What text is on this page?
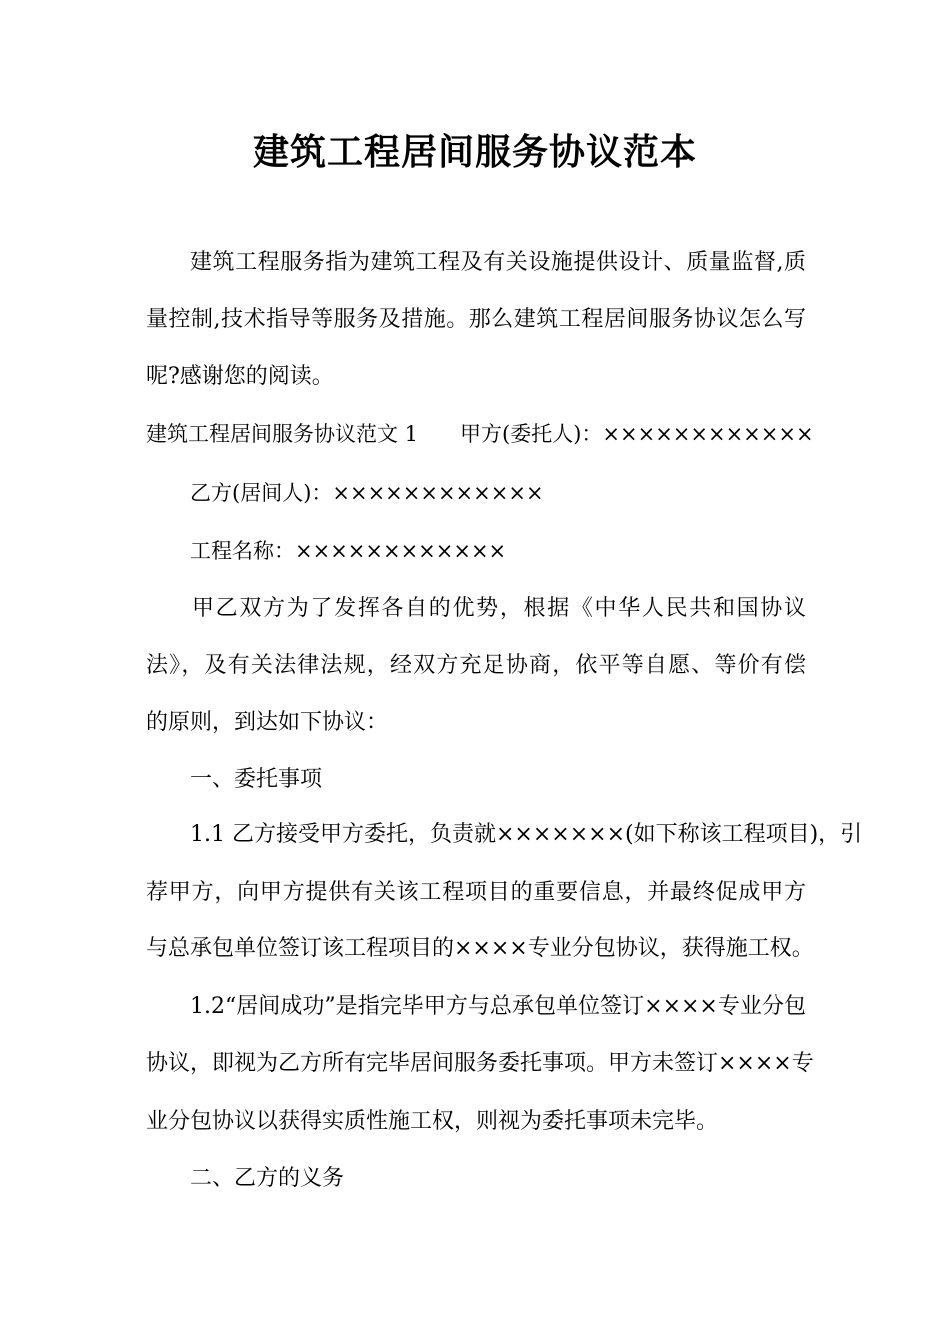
建筑工程居间服务协议范本
建筑工程服务指为建筑工程及有关设施提供设计、质量监督,质
量控制,技术指导等服务及措施。那么建筑工程居间服务协议怎么写
呢?感谢您的阅读。
建筑工程居间服务协议范文 1　　甲方(委托人)：××××××××××××
乙方(居间人)：××××××××××××
工程名称：××××××××××××
甲乙双方为了发挥各自的优势，根据《中华人民共和国协议
法》，及有关法律法规，经双方充足协商，依平等自愿、等价有偿
的原则，到达如下协议：
一、委托事项
1.1 乙方接受甲方委托，负责就×××××××(如下称该工程项目)，引
荐甲方，向甲方提供有关该工程项目的重要信息，并最终促成甲方
与总承包单位签订该工程项目的××××专业分包协议，获得施工权。
1.2“居间成功”是指完毕甲方与总承包单位签订××××专业分包
协议，即视为乙方所有完毕居间服务委托事项。甲方未签订××××专
业分包协议以获得实质性施工权，则视为委托事项未完毕。
二、乙方的义务
